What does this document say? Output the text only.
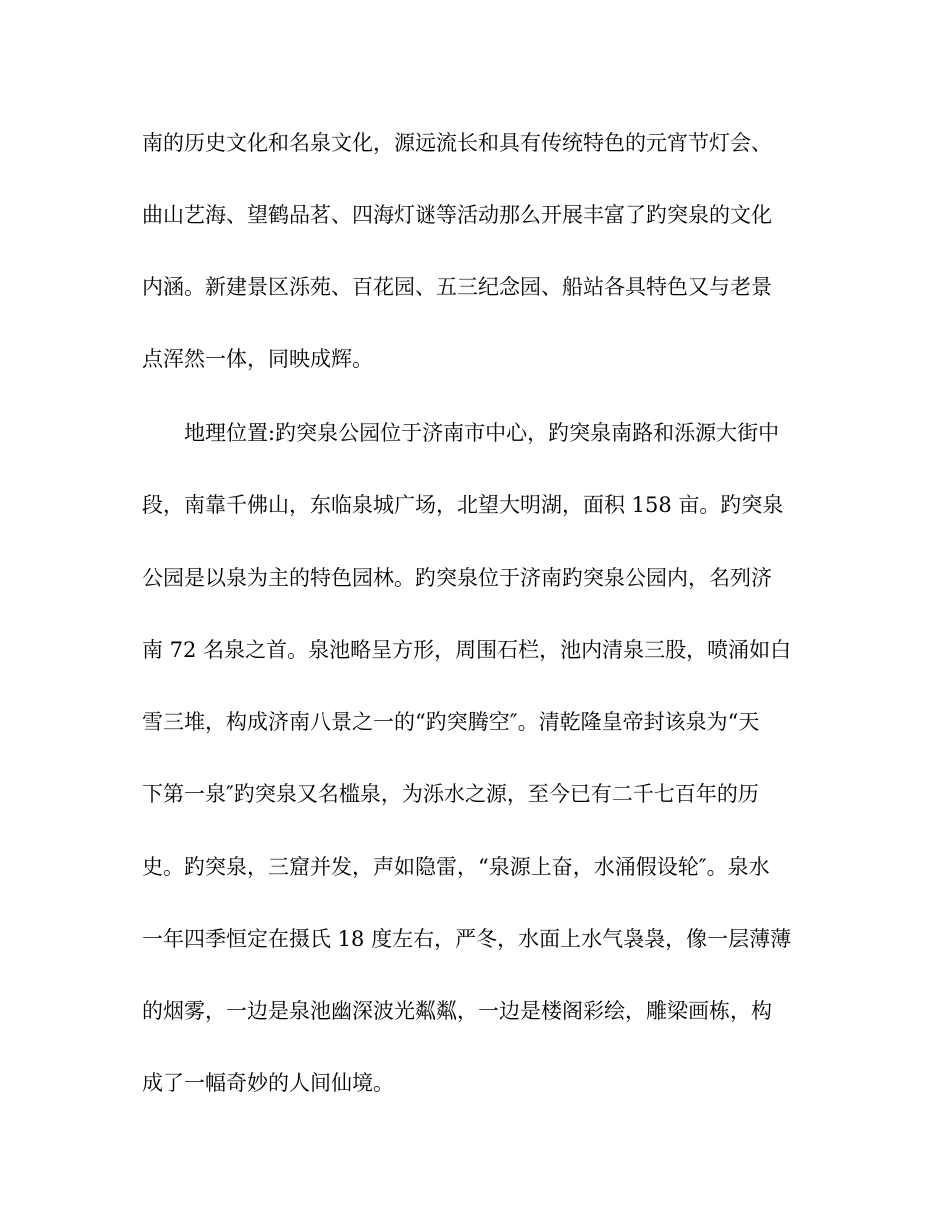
南的历史文化和名泉文化，源远流长和具有传统特色的元宵节灯会、
曲山艺海、望鹤品茗、四海灯谜等活动那么开展丰富了趵突泉的文化
内涵。新建景区泺苑、百花园、五三纪念园、船站各具特色又与老景
点浑然一体，同映成辉。
地理位置:趵突泉公园位于济南市中心，趵突泉南路和泺源大街中
段，南靠千佛山，东临泉城广场，北望大明湖，面积 158 亩。趵突泉
公园是以泉为主的特色园林。趵突泉位于济南趵突泉公园内，名列济
南 72 名泉之首。泉池略呈方形，周围石栏，池内清泉三股，喷涌如白
雪三堆，构成济南八景之一的“趵突腾空″。清乾隆皇帝封该泉为“天
下第一泉″趵突泉又名槛泉，为泺水之源，至今已有二千七百年的历
史。趵突泉，三窟并发，声如隐雷，“泉源上奋，水涌假设轮″。泉水
一年四季恒定在摄氏 18 度左右，严冬，水面上水气袅袅，像一层薄薄
的烟雾，一边是泉池幽深波光粼粼，一边是楼阁彩绘，雕梁画栋，构
成了一幅奇妙的人间仙境。
